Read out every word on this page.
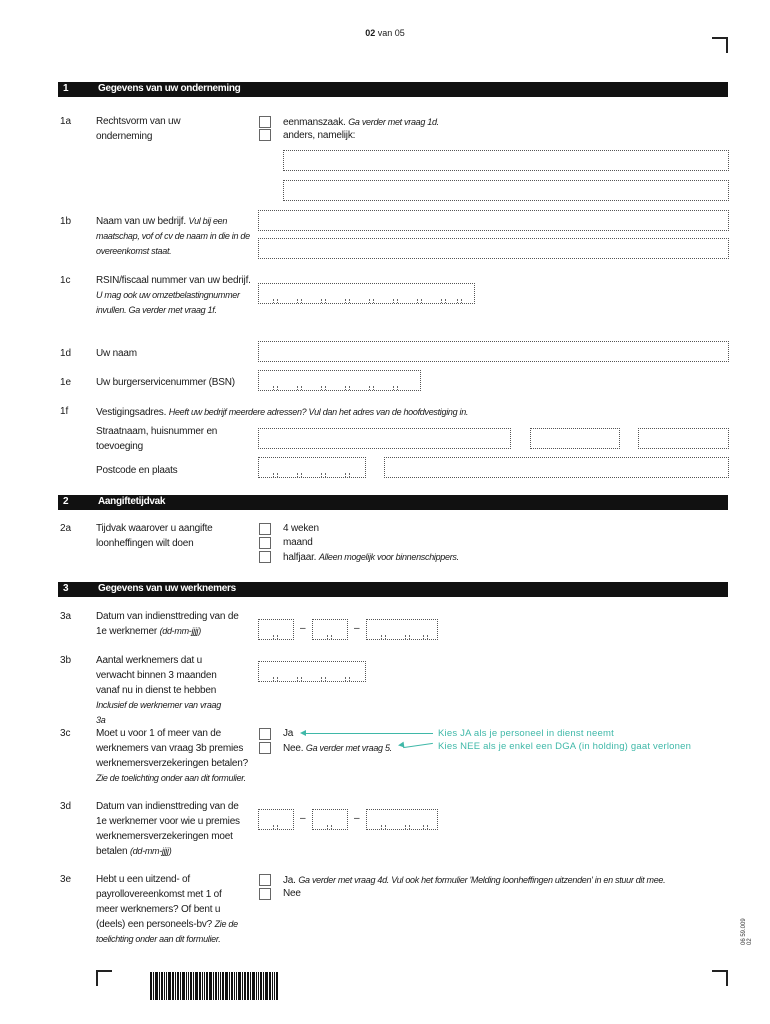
02 van 05
1	Gegevens van uw onderneming
1a Rechtsvorm van uw onderneming
eenmanszaak. Ga verder met vraag 1d.
anders, namelijk:
1b Naam van uw bedrijf. Vul bij een maatschap, vof of cv de naam in die in de overeenkomst staat.
1c	RSIN/fiscaal nummer van uw bedrijf. U mag ook uw omzetbelastingnummer invullen. Ga verder met vraag 1f.
1d Uw naam
1e Uw burgerservicenummer (BSN)
1f	Vestigingsadres. Heeft uw bedrijf meerdere adressen? Vul dan het adres van de hoofdvestiging in.
Straatnaam, huisnummer en toevoeging
Postcode en plaats
2	Aangiftetijdvak
2a Tijdvak waarover u aangifte loonheffingen wilt doen
4 weken
maand
halfjaar. Alleen mogelijk voor binnenschippers.
3	Gegevens van uw werknemers
3a Datum van indiensttreding van de 1e werknemer (dd-mm-jjjj)	–	–
3b Aantal werknemers dat u verwacht binnen 3 maanden vanaf nu in dienst te hebben Inclusief de werknemer van vraag 3a
3c	Moet u voor 1 of meer van de werknemers van vraag 3b premies werknemersverzekeringen betalen? Zie de toelichting onder aan dit formulier.
Ja
Nee. Ga verder met vraag 5.
Kies JA als je personeel in dienst neemt
Kies NEE als je enkel een DGA (in holding) gaat verlonen
3d Datum van indiensttreding van de 1e werknemer voor wie u premies werknemersverzekeringen moet betalen (dd-mm-jjjj)
–	–
3e Hebt u een uitzend- of payrollovereenkomst met 1 of meer werknemers? Of bent u (deels) een personeels-bv? Zie de toelichting onder aan dit formulier.
Ja. Ga verder met vraag 4d. Vul ook het formulier 'Melding loonheffingen uitzenden' in en stuur dit mee.
Nee
06 59.009 02
